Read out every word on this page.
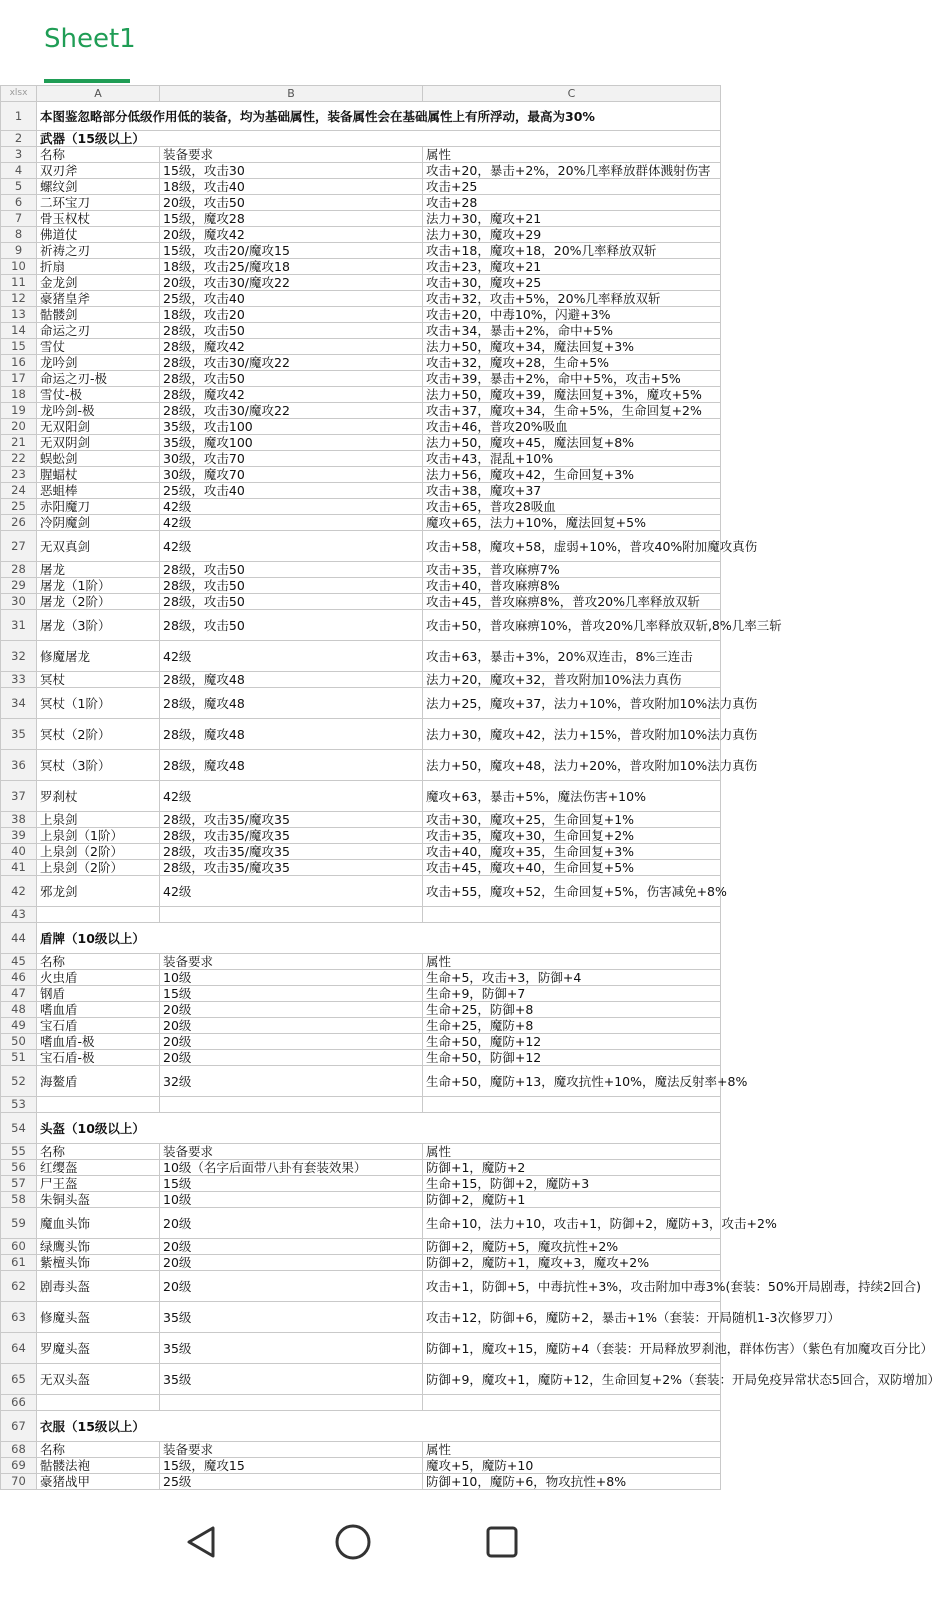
Sheet1
xlsx	A	B	C
1	本图鉴忽略部分低级作用低的装备，均为基础属性，装备属性会在基础属性上有所浮动，最高为30%		
2	武器（15级以上）		
3	名称	装备要求	属性
4	双刃斧	15级，攻击30	攻击+20，暴击+2%，20%几率释放群体溅射伤害
5	螺纹剑	18级，攻击40	攻击+25
6	二环宝刀	20级，攻击50	攻击+28
7	骨玉权杖	15级，魔攻28	法力+30，魔攻+21
8	佛道仗	20级，魔攻42	法力+30，魔攻+29
9	祈祷之刃	15级，攻击20/魔攻15	攻击+18，魔攻+18，20%几率释放双斩
10	折扇	18级，攻击25/魔攻18	攻击+23，魔攻+21
11	金龙剑	20级，攻击30/魔攻22	攻击+30，魔攻+25
12	豪猪皇斧	25级，攻击40	攻击+32，攻击+5%，20%几率释放双斩
13	骷髅剑	18级，攻击20	攻击+20，中毒10%，闪避+3%
14	命运之刃	28级，攻击50	攻击+34，暴击+2%，命中+5%
15	雪仗	28级，魔攻42	法力+50，魔攻+34，魔法回复+3%
16	龙吟剑	28级，攻击30/魔攻22	攻击+32，魔攻+28，生命+5%
17	命运之刃-极	28级，攻击50	攻击+39，暴击+2%，命中+5%，攻击+5%
18	雪仗-极	28级，魔攻42	法力+50，魔攻+39，魔法回复+3%，魔攻+5%
19	龙吟剑-极	28级，攻击30/魔攻22	攻击+37，魔攻+34，生命+5%，生命回复+2%
20	无双阳剑	35级，攻击100	攻击+46，普攻20%吸血
21	无双阴剑	35级，魔攻100	法力+50，魔攻+45，魔法回复+8%
22	蜈蚣剑	30级，攻击70	攻击+43，混乱+10%
23	腥蝠杖	30级，魔攻70	法力+56，魔攻+42，生命回复+3%
24	恶蛆棒	25级，攻击40	攻击+38，魔攻+37
25	赤阳魔刀	42级	攻击+65，普攻28吸血
26	冷阴魔剑	42级	魔攻+65，法力+10%，魔法回复+5%
27	无双真剑	42级	攻击+58，魔攻+58，虚弱+10%，普攻40%附加魔攻真伤
28	屠龙	28级，攻击50	攻击+35，普攻麻痹7%
29	屠龙（1阶）	28级，攻击50	攻击+40，普攻麻痹8%
30	屠龙（2阶）	28级，攻击50	攻击+45，普攻麻痹8%，普攻20%几率释放双斩
31	屠龙（3阶）	28级，攻击50	攻击+50，普攻麻痹10%，普攻20%几率释放双斩,8%几率三斩
32	修魔屠龙	42级	攻击+63，暴击+3%，20%双连击，8%三连击
33	冥杖	28级，魔攻48	法力+20，魔攻+32，普攻附加10%法力真伤
34	冥杖（1阶）	28级，魔攻48	法力+25，魔攻+37，法力+10%，普攻附加10%法力真伤
35	冥杖（2阶）	28级，魔攻48	法力+30，魔攻+42，法力+15%，普攻附加10%法力真伤
36	冥杖（3阶）	28级，魔攻48	法力+50，魔攻+48，法力+20%，普攻附加10%法力真伤
37	罗刹杖	42级	魔攻+63，暴击+5%，魔法伤害+10%
38	上泉剑	28级，攻击35/魔攻35	攻击+30，魔攻+25，生命回复+1%
39	上泉剑（1阶）	28级，攻击35/魔攻35	攻击+35，魔攻+30，生命回复+2%
40	上泉剑（2阶）	28级，攻击35/魔攻35	攻击+40，魔攻+35，生命回复+3%
41	上泉剑（2阶）	28级，攻击35/魔攻35	攻击+45，魔攻+40，生命回复+5%
42	邪龙剑	42级	攻击+55，魔攻+52，生命回复+5%，伤害减免+8%
43			
44	盾牌（10级以上）		
45	名称	装备要求	属性
46	火虫盾	10级	生命+5，攻击+3，防御+4
47	钢盾	15级	生命+9，防御+7
48	嗜血盾	20级	生命+25，防御+8
49	宝石盾	20级	生命+25，魔防+8
50	嗜血盾-极	20级	生命+50，魔防+12
51	宝石盾-极	20级	生命+50，防御+12
52	海鳌盾	32级	生命+50，魔防+13，魔攻抗性+10%，魔法反射率+8%
53			
54	头盔（10级以上）		
55	名称	装备要求	属性
56	红缨盔	10级（名字后面带八卦有套装效果）	防御+1，魔防+2
57	尸王盔	15级	生命+15，防御+2，魔防+3
58	朱铜头盔	10级	防御+2，魔防+1
59	魔血头饰	20级	生命+10，法力+10，攻击+1，防御+2，魔防+3，攻击+2%
60	绿鹰头饰	20级	防御+2，魔防+5，魔攻抗性+2%
61	紫檀头饰	20级	防御+2，魔防+1，魔攻+3，魔攻+2%
62	剧毒头盔	20级	攻击+1，防御+5，中毒抗性+3%，攻击附加中毒3%(套装：50%开局剧毒，持续2回合)
63	修魔头盔	35级	攻击+12，防御+6，魔防+2，暴击+1%（套装：开局随机1-3次修罗刀）
64	罗魔头盔	35级	防御+1，魔攻+15，魔防+4（套装：开局释放罗刹池，群体伤害）（紫色有加魔攻百分比）
65	无双头盔	35级	防御+9，魔攻+1，魔防+12，生命回复+2%（套装：开局免疫异常状态5回合，双防增加）
66			
67	衣服（15级以上）		
68	名称	装备要求	属性
69	骷髅法袍	15级，魔攻15	魔攻+5，魔防+10
70	豪猪战甲	25级	防御+10，魔防+6，物攻抗性+8%
